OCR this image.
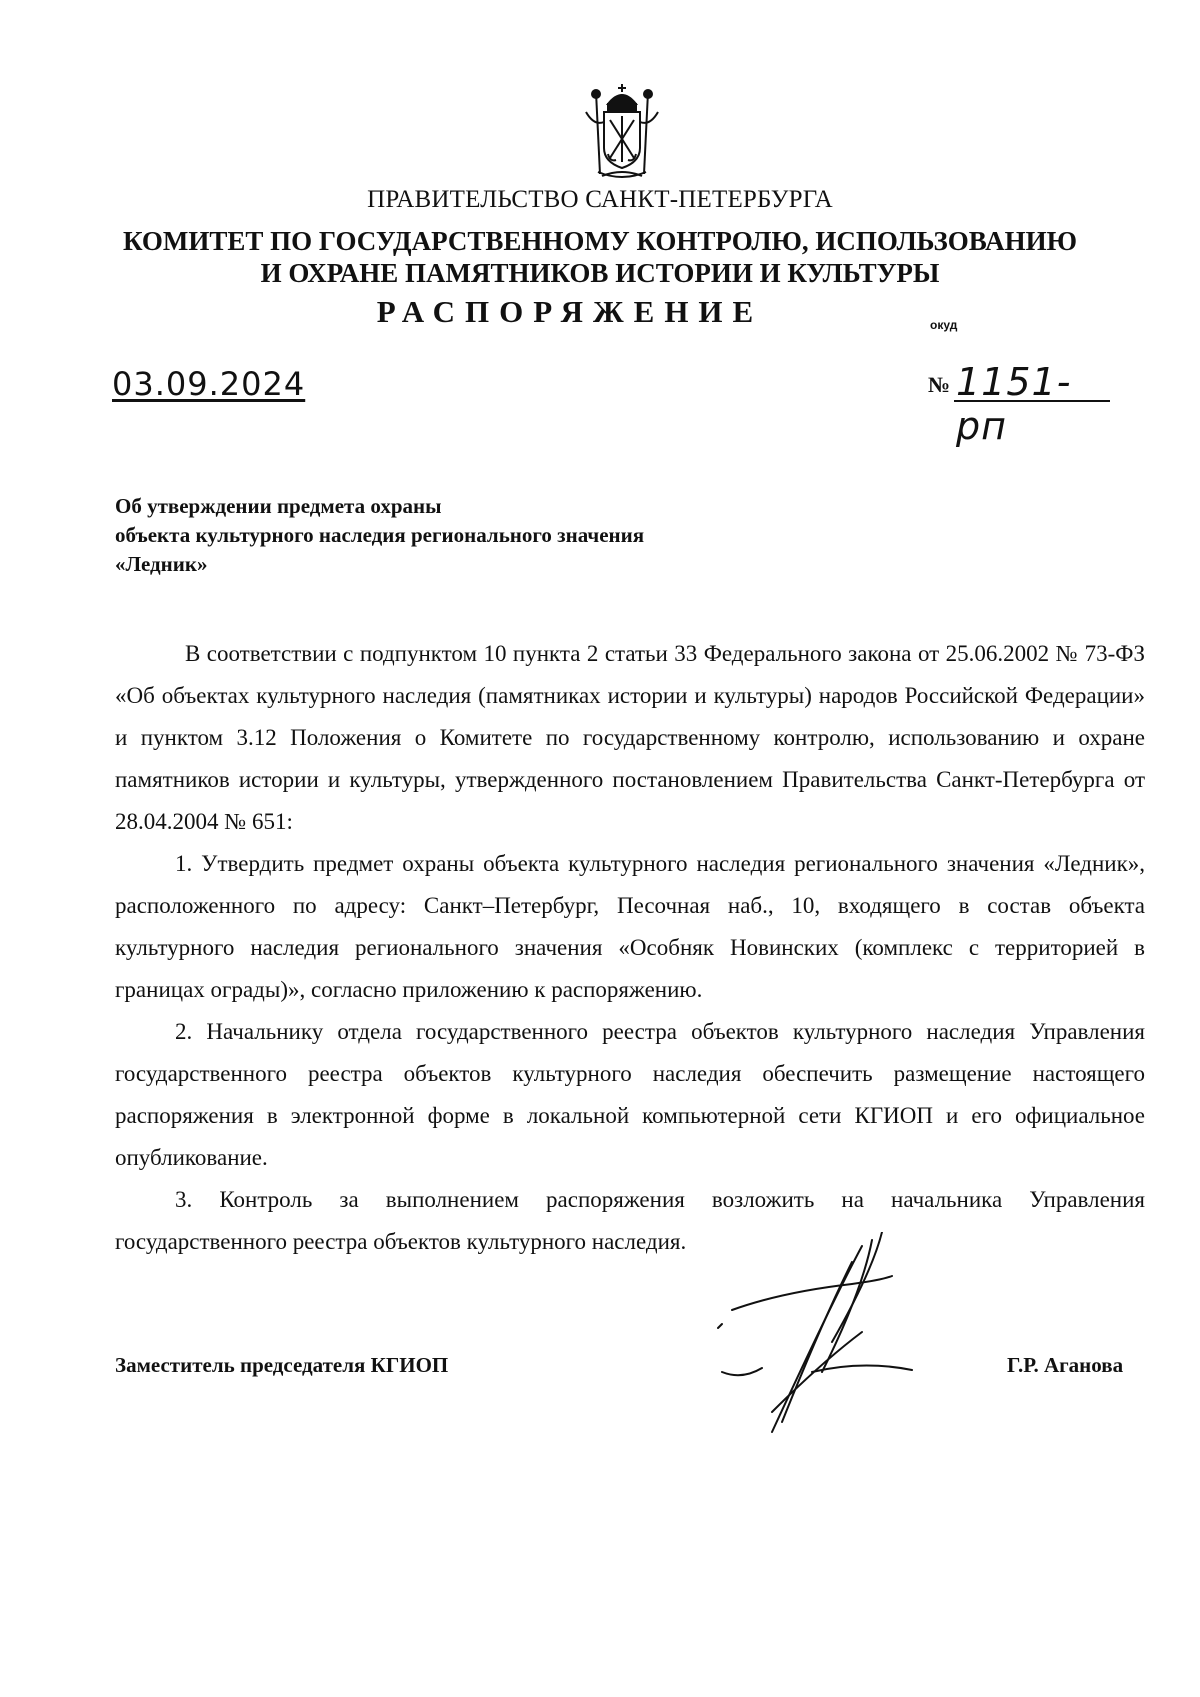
ПРАВИТЕЛЬСТВО САНКТ-ПЕТЕРБУРГА
КОМИТЕТ ПО ГОСУДАРСТВЕННОМУ КОНТРОЛЮ, ИСПОЛЬЗОВАНИЮ
И ОХРАНЕ ПАМЯТНИКОВ ИСТОРИИ И КУЛЬТУРЫ
РАСПОРЯЖЕНИЕ	окуд
03.09.2024	№ 1151-рп
Об утверждении предмета охраны
объекта культурного наследия регионального значения
«Ледник»

В соответствии с подпунктом 10 пункта 2 статьи 33 Федерального закона от 25.06.2002 № 73-ФЗ «Об объектах культурного наследия (памятниках истории и культуры) народов Российской Федерации» и пунктом 3.12 Положения о Комитете по государственному контролю, использованию и охране памятников истории и культуры, утвержденного постановлением Правительства Санкт-Петербурга от 28.04.2004 № 651:

1. Утвердить предмет охраны объекта культурного наследия регионального значения «Ледник», расположенного по адресу: Санкт–Петербург, Песочная наб., 10, входящего в состав объекта культурного наследия регионального значения «Особняк Новинских (комплекс с территорией в границах ограды)», согласно приложению к распоряжению.

2. Начальнику отдела государственного реестра объектов культурного наследия Управления государственного реестра объектов культурного наследия обеспечить размещение настоящего распоряжения в электронной форме в локальной компьютерной сети КГИОП и его официальное опубликование.

3. Контроль за выполнением распоряжения возложить на начальника Управления государственного реестра объектов культурного наследия.

Заместитель председателя КГИОП	Г.Р. Аганова
